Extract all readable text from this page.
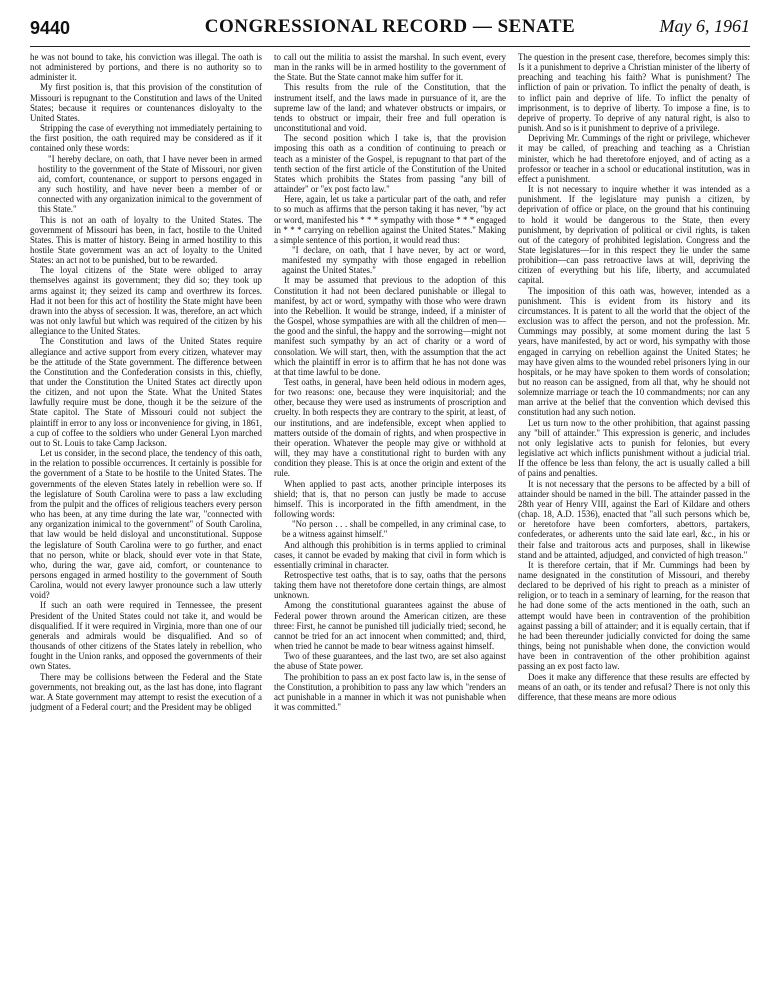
9440	CONGRESSIONAL RECORD — SENATE	May 6, 1961

he was not bound to take, his conviction was illegal. The oath is not administered by portions, and there is no authority so to administer it.

My first position is, that this provision of the constitution of Missouri is repugnant to the Constitution and laws of the United States; because it requires or countenances disloyalty to the United States.

Stripping the case of everything not immediately pertaining to the first position, the oath required may be considered as if it contained only these words:

"I hereby declare, on oath, that I have never been in armed hostility to the government of the State of Missouri, nor given aid, comfort, countenance, or support to persons engaged in any such hostility, and have never been a member of or connected with any organization inimical to the government of this State."

This is not an oath of loyalty to the United States. The government of Missouri has been, in fact, hostile to the United States. This is matter of history. Being in armed hostility to this hostile State government was an act of loyalty to the United States: an act not to be punished, but to be rewarded.

The loyal citizens of the State were obliged to array themselves against its government; they did so; they took up arms against it; they seized its camp and overthrew its forces. Had it not been for this act of hostility the State might have been drawn into the abyss of secession. It was, therefore, an act which was not only lawful but which was required of the citizen by his allegiance to the United States.

The Constitution and laws of the United States require allegiance and active support from every citizen, whatever may be the attitude of the State government. The difference between the Constitution and the Confederation consists in this, chiefly, that under the Constitution the United States act directly upon the citizen, and not upon the State. What the United States lawfully require must be done, though it be the seizure of the State capitol. The State of Missouri could not subject the plaintiff in error to any loss or inconvenience for giving, in 1861, a cup of coffee to the soldiers who under General Lyon marched out to St. Louis to take Camp Jackson.

Let us consider, in the second place, the tendency of this oath, in the relation to possible occurrences. It certainly is possible for the government of a State to be hostile to the United States. The governments of the eleven States lately in rebellion were so. If the legislature of South Carolina were to pass a law excluding from the pulpit and the offices of religious teachers every person who has been, at any time during the late war, "connected with any organization inimical to the government" of South Carolina, that law would be held disloyal and unconstitutional. Suppose the legislature of South Carolina were to go further, and enact that no person, white or black, should ever vote in that State, who, during the war, gave aid, comfort, or countenance to persons engaged in armed hostility to the government of South Carolina, would not every lawyer pronounce such a law utterly void?

If such an oath were required in Tennessee, the present President of the United States could not take it, and would be disqualified. If it were required in Virginia, more than one of our generals and admirals would be disqualified. And so of thousands of other citizens of the States lately in rebellion, who fought in the Union ranks, and opposed the governments of their own States.

There may be collisions between the Federal and the State governments, not breaking out, as the last has done, into flagrant war. A State government may attempt to resist the execution of a judgment of a Federal court; and the President may be obliged

to call out the militia to assist the marshal. In such event, every man in the ranks will be in armed hostility to the government of the State. But the State cannot make him suffer for it.

This results from the rule of the Constitution, that the instrument itself, and the laws made in pursuance of it, are the supreme law of the land; and whatever obstructs or impairs, or tends to obstruct or impair, their free and full operation is unconstitutional and void.

The second position which I take is, that the provision imposing this oath as a condition of continuing to preach or teach as a minister of the Gospel, is repugnant to that part of the tenth section of the first article of the Constitution of the United States which prohibits the States from passing "any bill of attainder" or "ex post facto law."

Here, again, let us take a particular part of the oath, and refer to so much as affirms that the person taking it has never, "by act or word, manifested his * * * sympathy with those * * * engaged in * * * carrying on rebellion against the United States." Making a simple sentence of this portion, it would read thus:

"I declare, on oath, that I have never, by act or word, manifested my sympathy with those engaged in rebellion against the United States."

It may be assumed that previous to the adoption of this Constitution it had not been declared punishable or illegal to manifest, by act or word, sympathy with those who were drawn into the Rebellion. It would be strange, indeed, if a minister of the Gospel, whose sympathies are with all the children of men—the good and the sinful, the happy and the sorrowing—might not manifest such sympathy by an act of charity or a word of consolation. We will start, then, with the assumption that the act which the plaintiff in error is to affirm that he has not done was at that time lawful to be done.

Test oaths, in general, have been held odious in modern ages, for two reasons: one, because they were inquisitorial; and the other, because they were used as instruments of proscription and cruelty. In both respects they are contrary to the spirit, at least, of our institutions, and are indefensible, except when applied to matters outside of the domain of rights, and when prospective in their operation. Whatever the people may give or withhold at will, they may have a constitutional right to burden with any condition they please. This is at once the origin and extent of the rule.

When applied to past acts, another principle interposes its shield; that is, that no person can justly be made to accuse himself. This is incorporated in the fifth amendment, in the following words:

"No person . . . shall be compelled, in any criminal case, to be a witness against himself."

And although this prohibition is in terms applied to criminal cases, it cannot be evaded by making that civil in form which is essentially criminal in character.

Retrospective test oaths, that is to say, oaths that the persons taking them have not theretofore done certain things, are almost unknown.

Among the constitutional guarantees against the abuse of Federal power thrown around the American citizen, are these three: First, he cannot be punished till judicially tried; second, he cannot be tried for an act innocent when committed; and, third, when tried he cannot be made to bear witness against himself.

Two of these guarantees, and the last two, are set also against the abuse of State power.

The prohibition to pass an ex post facto law is, in the sense of the Constitution, a prohibition to pass any law which "renders an act punishable in a manner in which it was not punishable when it was committed."

The question in the present case, therefore, becomes simply this: Is it a punishment to deprive a Christian minister of the liberty of preaching and teaching his faith? What is punishment? The infliction of pain or privation. To inflict the penalty of death, is to inflict pain and deprive of life. To inflict the penalty of imprisonment, is to deprive of liberty. To impose a fine, is to deprive of property. To deprive of any natural right, is also to punish. And so is it punishment to deprive of a privilege.

Depriving Mr. Cummings of the right or privilege, whichever it may be called, of preaching and teaching as a Christian minister, which he had theretofore enjoyed, and of acting as a professor or teacher in a school or educational institution, was in effect a punishment.

It is not necessary to inquire whether it was intended as a punishment. If the legislature may punish a citizen, by deprivation of office or place, on the ground that his continuing to hold it would be dangerous to the State, then every punishment, by deprivation of political or civil rights, is taken out of the category of prohibited legislation. Congress and the State legislatures—for in this respect they lie under the same prohibition—can pass retroactive laws at will, depriving the citizen of everything but his life, liberty, and accumulated capital.

The imposition of this oath was, however, intended as a punishment. This is evident from its history and its circumstances. It is patent to all the world that the object of the exclusion was to affect the person, and not the profession. Mr. Cummings may possibly, at some moment during the last 5 years, have manifested, by act or word, his sympathy with those engaged in carrying on rebellion against the United States; he may have given alms to the wounded rebel prisoners lying in our hospitals, or he may have spoken to them words of consolation; but no reason can be assigned, from all that, why he should not solemnize marriage or teach the 10 commandments; nor can any man arrive at the belief that the convention which devised this constitution had any such notion.

Let us turn now to the other prohibition, that against passing any "bill of attainder." This expression is generic, and includes not only legislative acts to punish for felonies, but every legislative act which inflicts punishment without a judicial trial. If the offence be less than felony, the act is usually called a bill of pains and penalties.

It is not necessary that the persons to be affected by a bill of attainder should be named in the bill. The attainder passed in the 28th year of Henry VIII, against the Earl of Kildare and others (chap. 18, A.D. 1536), enacted that "all such persons which be, or heretofore have been comforters, abettors, partakers, confederates, or adherents unto the said late earl, &c., in his or their false and traitorous acts and purposes, shall in likewise stand and be attainted, adjudged, and convicted of high treason."

It is therefore certain, that if Mr. Cummings had been by name designated in the constitution of Missouri, and thereby declared to be deprived of his right to preach as a minister of religion, or to teach in a seminary of learning, for the reason that he had done some of the acts mentioned in the oath, such an attempt would have been in contravention of the prohibition against passing a bill of attainder; and it is equally certain, that if he had been thereunder judicially convicted for doing the same things, being not punishable when done, the conviction would have been in contravention of the other prohibition against passing an ex post facto law.

Does it make any difference that these results are effected by means of an oath, or its tender and refusal? There is not only this difference, that these means are more odious
